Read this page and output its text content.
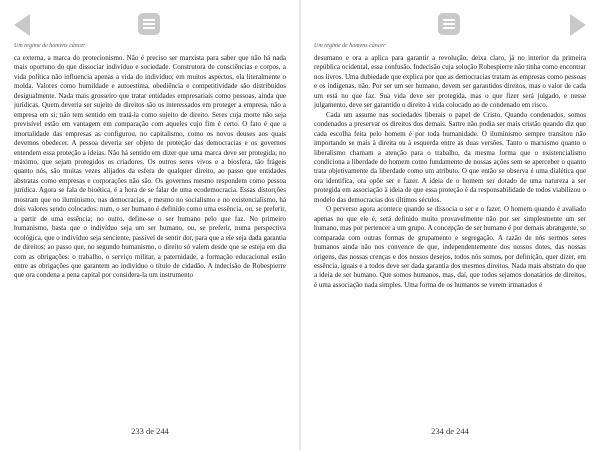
Um regime de homens câncer

ca externa, a marca do protecionismo. Não é preciso ser marxista para saber que não há nada mais oportuno do que dissociar indivíduo e sociedade. Construtora de consciências e corpos, a vida política não influencia apenas a vida do indivíduo; em muitos aspectos, ela literalmente o molda. Valores como humildade e autoestima, obediência e competitividade são distribuídos desigualmente. Nada mais grosseiro que tratar entidades empresariais como pessoas, ainda que jurídicas. Quem deveria ser sujeito de direitos são os interessados em proteger a empresa, não a empresa em si; não tem sentido em tratá-la como sujeito de direito. Seres cuja morte não seja previsível estão em vantagem em comparação com aqueles cujo fim é certo. O fato é que a imortalidade das empresas as configurou, no capitalismo, como os novos deuses aos quais devemos obedecer. A pessoa deveria ser objeto de proteção das democracias e os governos entendem essa proteção a ideias. Não há sentido em dizer que uma marca deve ser protegida; no máximo, que sejam protegidos os criadores. Os outros seres vivos e a biosfera, tão frágeis quanto nós, são muitas vezes alijados da esfera de qualquer direito, ao passo que entidades abstratas como empresas e corporações não são. Os governos mesmo respondem como pessoa jurídica. Agora se fala de bioética, é a hora de se falar de uma ecodemocracia. Essas distorções mostram que no iluminismo, nas democracias, e mesmo no socialismo e no existencialismo, há dois valores sendo colocados: num, o ser humano é definido como uma essência, ou, se preferir, a partir de uma essência; no outro, define-se o ser humano pelo que faz. No primeiro humanismo, basta que o indivíduo seja um ser humano, ou, se preferir, numa perspectiva ecológica, que o indivíduo seja senciente, passível de sentir dor, para que a ele seja dada garantia de direitos; ao passo que, no segundo humanismo, o direito só valem desde que se esteja em dia com as obrigações: o trabalho, o serviço militar, a paternidade, a formação educacional estão entre as obrigações que garantem ao indivíduo o título de cidadão. A indecisão de Robespierre que ora condena a pena capital por considera-la um instrumento

233 de 244
Um regime de homens câncer

desumano e ora a aplica para garantir a revolução, deixa claro, já no interior da primeira república ocidental, essa confusão. Indecisão cuja solução Robespierre não tinha como encontrar nos livros. Uma dubiedade que explica por que as democracias tratam as empresas como pessoas e os indígenas, não. Por ser um ser humano, devem ser garantidos direitos, mas o valor de cada um está no que faz. Sua vida deve ser protegida, mas o que fizer será julgado, e nesse julgamento, deve ser garantido o direito à vida colocado ao de condenado em risco.

Cada um assume nas sociedades liberais o papel de Cristo. Quando condenados, somos condenados a preservar os direitos dos demais. Sartre não podia ser mais cristão quando diz que cada escolha feita pelo homem é por toda humanidade. O iluminismo sempre transitou não importando se mais à direita ou à esquerda entre as duas versões. Tanto o marxismo quanto o liberalismo chamam a atenção para o trabalho, da mesma forma que o existencialismo condiciona a liberdade do homem como fundamento de nossas ações sem se aperceber o quanto trata objetivamente da liberdade como um atributo. O que então se observa é uma dialética que ora identifica, ora opõe ser e fazer. A ideia de o homem ser dotado de uma natureza a ser protegida em associação à ideia de que essa proteção é da responsabilidade de todos viabilizou o modelo das democracias dos últimos séculos.

O perverso agora acontece quando se dissocia o ser e o fazer. O homem quando é avaliado apenas no que ele é, será definido muito provavelmente não por ser simplesmente um ser humano, mas por pertencer a um grupo. A concepção de ser humano é por demais abrangente, se comparada com outras formas de grupamento e segregação. A razão de nós sermos seres humanos ainda não nos convence de que, independentemente dos nossos dotes, das nossas origens, das nossas crenças e dos nossos desejos, todos nós somos, por definição, quer dizer, em essência, iguais e a todos deve ser dada garantia dos mesmos direitos. Nada mais abstrato do que a ideia de ser humano. Que somos humanos, mas, daí, que todos sejamos donatários de direitos, é uma associação nada simples. Uma forma de os humanos se verem irmanados é

234 de 244
